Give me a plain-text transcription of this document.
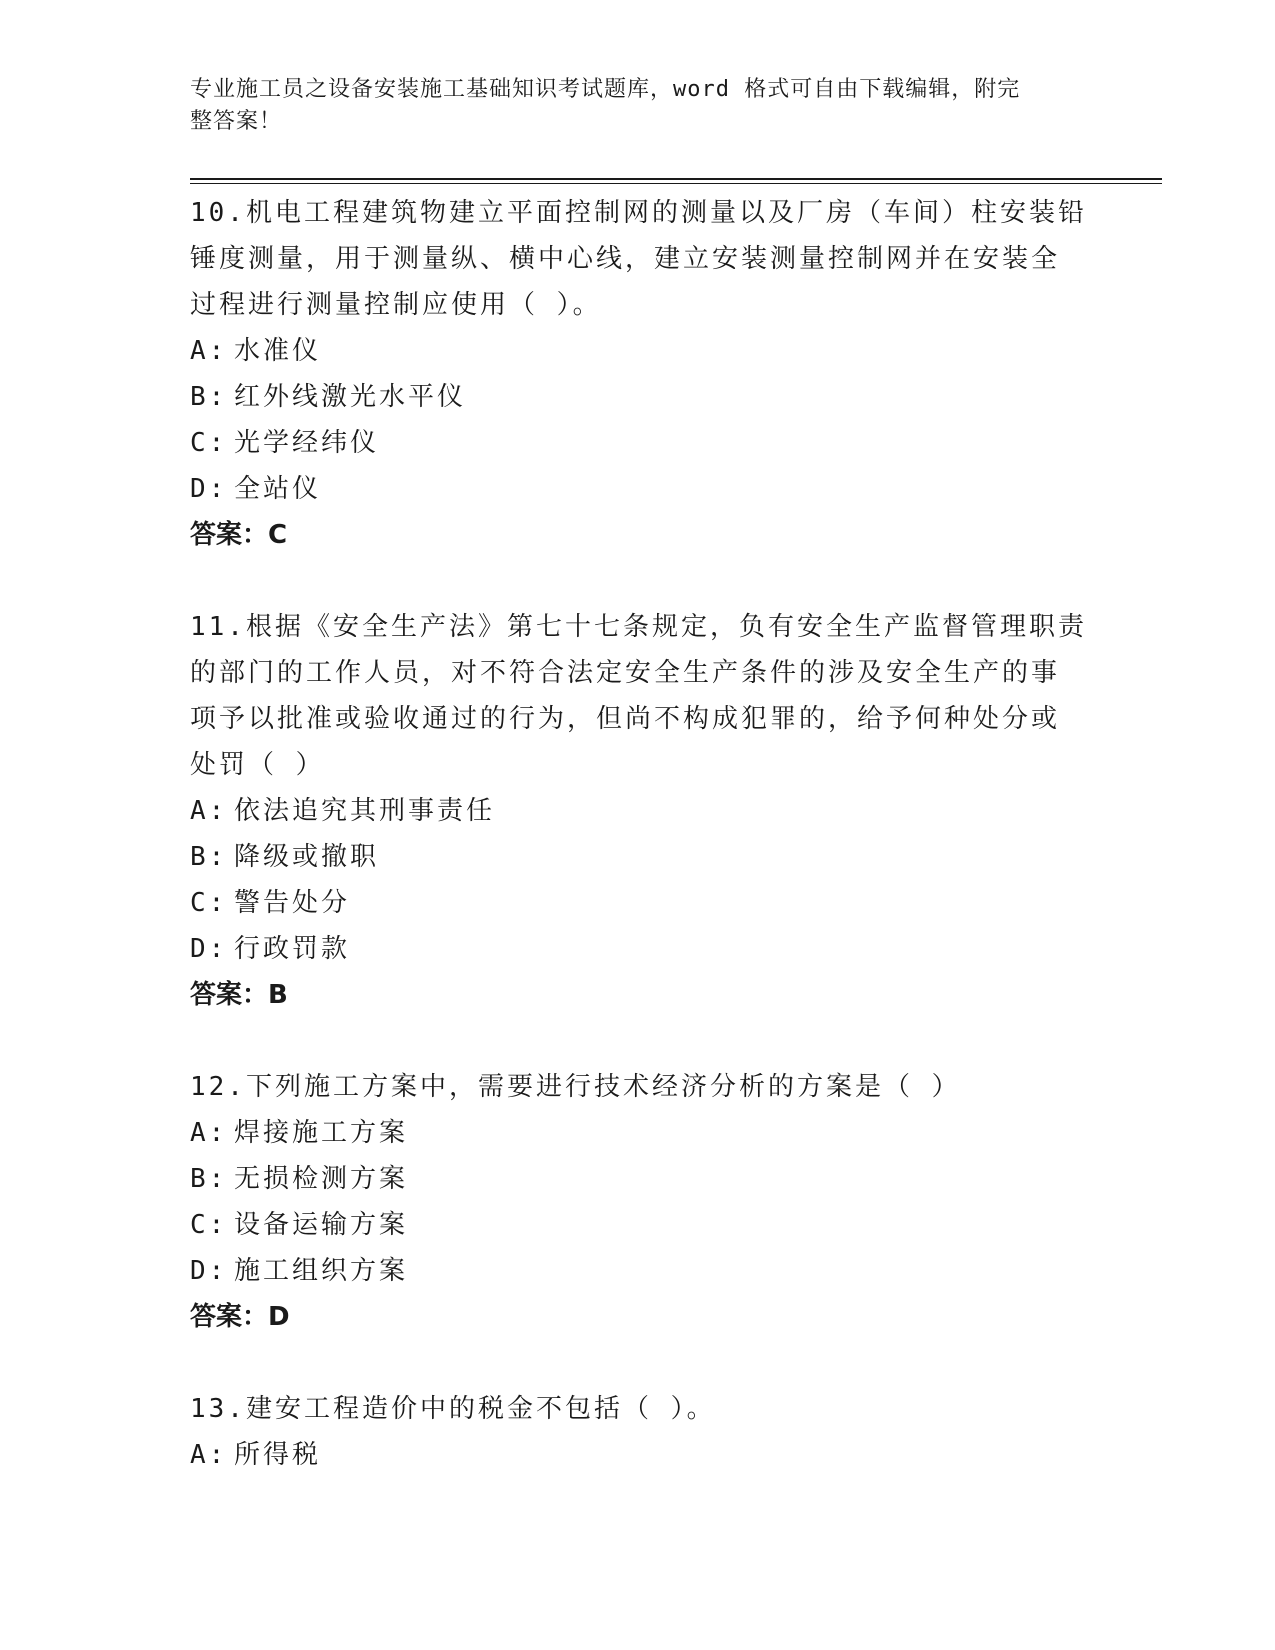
专业施工员之设备安装施工基础知识考试题库，word 格式可自由下载编辑，附完
整答案！
10.机电工程建筑物建立平面控制网的测量以及厂房（车间）柱安装铅
锤度测量，用于测量纵、横中心线，建立安装测量控制网并在安装全
过程进行测量控制应使用（ ）。
A: 水准仪
B: 红外线激光水平仪
C: 光学经纬仪
D: 全站仪
答案：C
11.根据《安全生产法》第七十七条规定，负有安全生产监督管理职责
的部门的工作人员，对不符合法定安全生产条件的涉及安全生产的事
项予以批准或验收通过的行为，但尚不构成犯罪的，给予何种处分或
处罚（ ）
A: 依法追究其刑事责任
B: 降级或撤职
C: 警告处分
D: 行政罚款
答案：B
12.下列施工方案中，需要进行技术经济分析的方案是（ ）
A: 焊接施工方案
B: 无损检测方案
C: 设备运输方案
D: 施工组织方案
答案：D
13.建安工程造价中的税金不包括（ ）。
A: 所得税
